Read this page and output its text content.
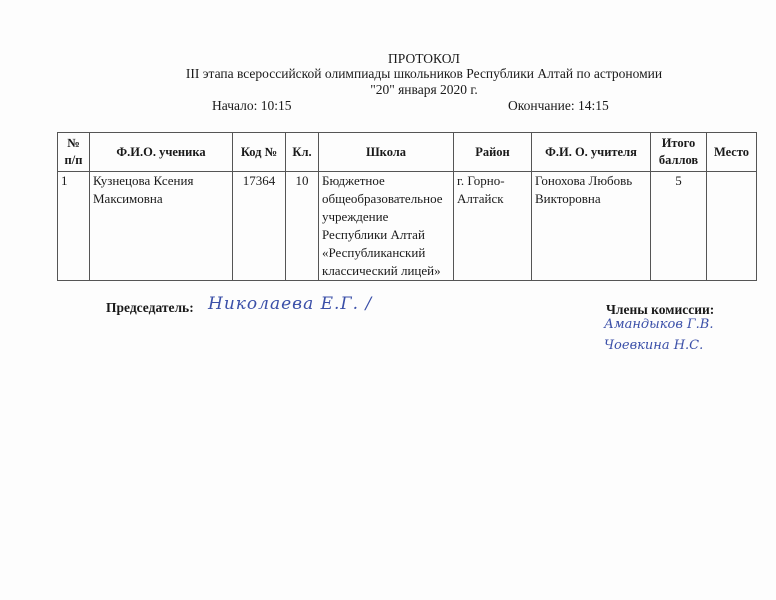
ПРОТОКОЛ
III этапа всероссийской олимпиады школьников Республики Алтай по астрономии
"20" января 2020 г.
Начало: 10:15	Окончание: 14:15
№ п/п	Ф.И.О. ученика	Код №	Кл.	Школа	Район	Ф.И. О. учителя	Итого баллов	Место
1	Кузнецова Ксения Максимовна	17364	10	Бюджетное общеобразовательное учреждение Республики Алтай «Республиканский классический лицей»	г. Горно-Алтайск	Гонохова Любовь Викторовна	5	
Председатель: Николаева Е.Г. /	Члены комиссии:
Амандыков Г.В.
Чоевкина Н.С.
